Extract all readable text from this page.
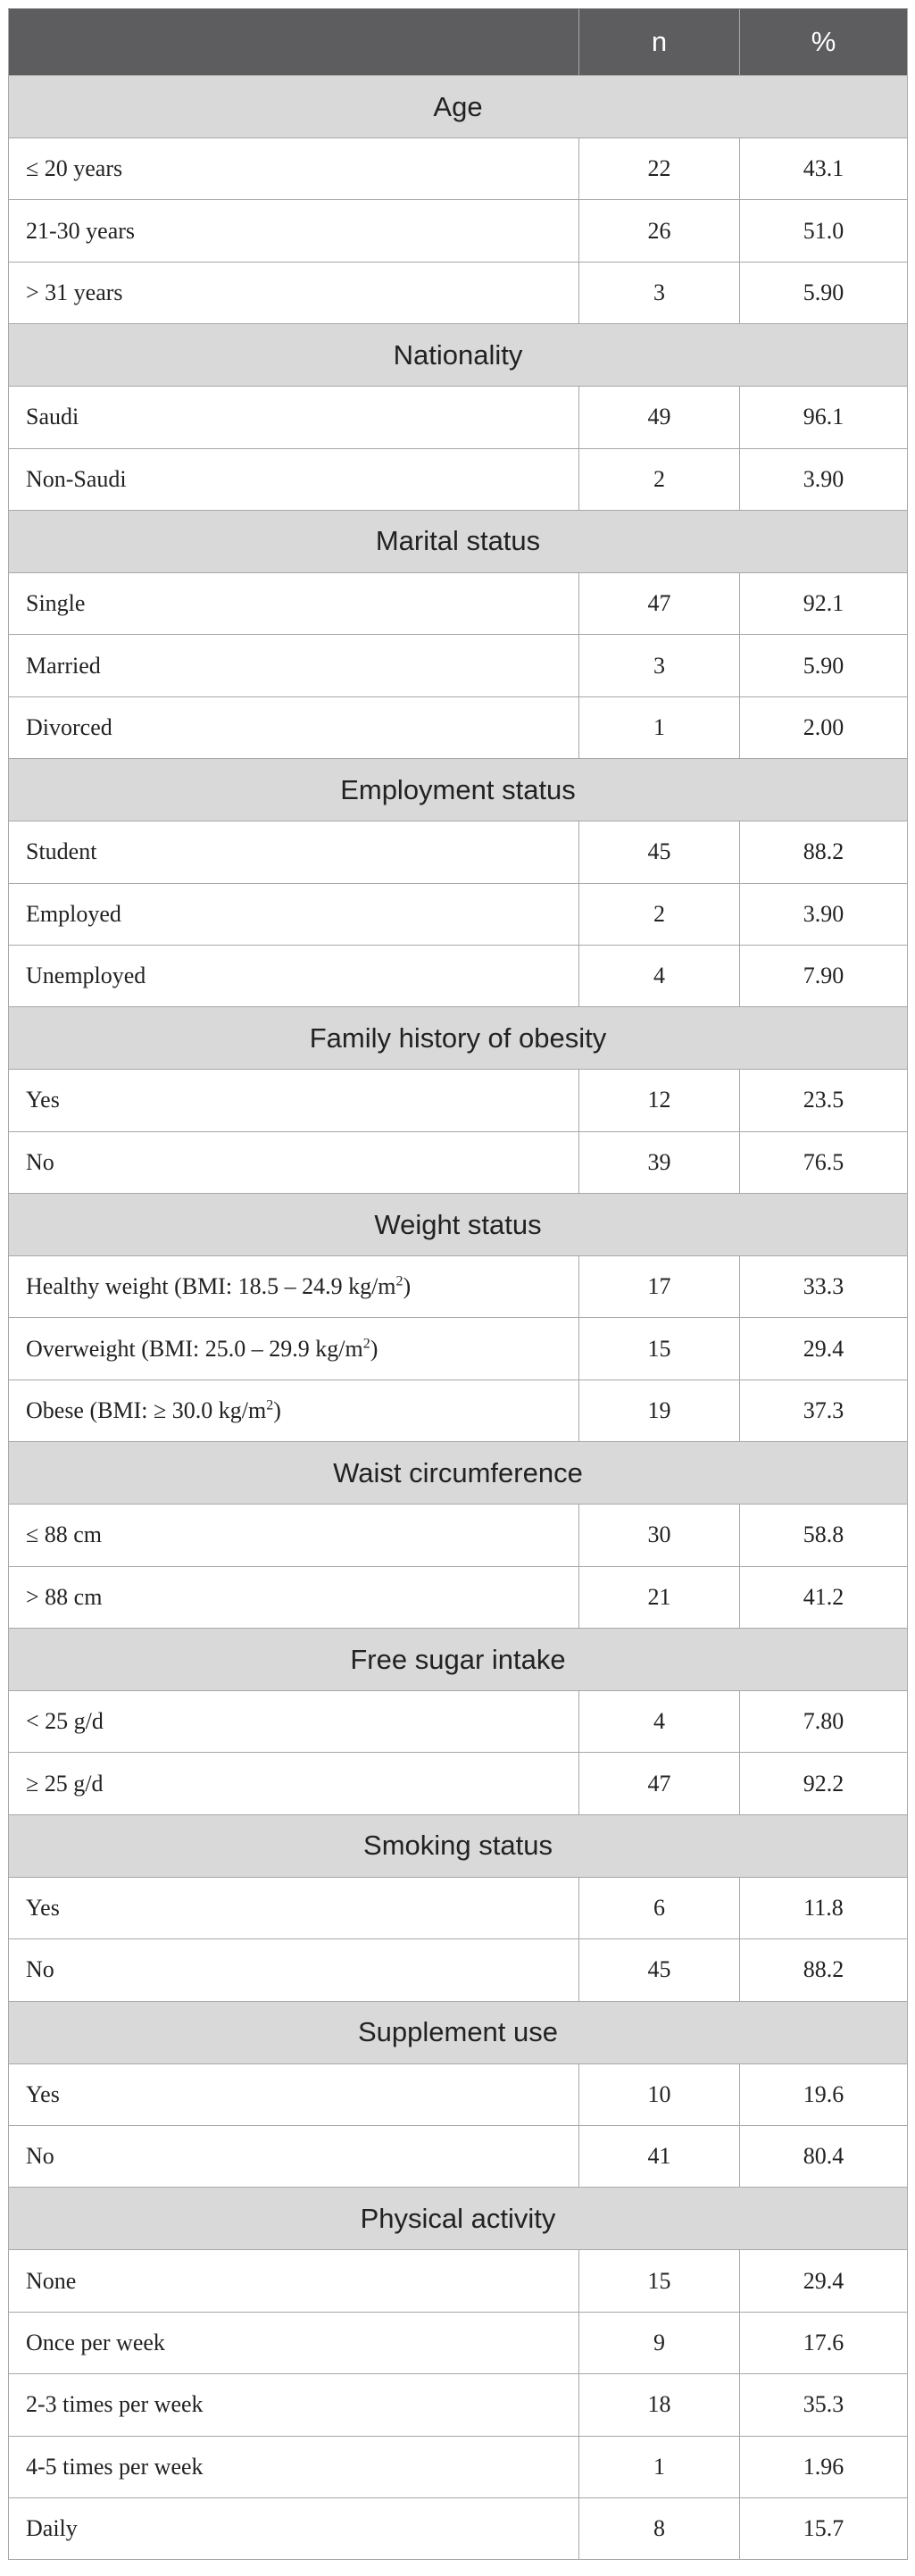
	n	%
Age		
≤ 20 years	22	43.1
21-30 years	26	51.0
> 31 years	3	5.90
Nationality		
Saudi	49	96.1
Non-Saudi	2	3.90
Marital status		
Single	47	92.1
Married	3	5.90
Divorced	1	2.00
Employment status		
Student	45	88.2
Employed	2	3.90
Unemployed	4	7.90
Family history of obesity		
Yes	12	23.5
No	39	76.5
Weight status		
Healthy weight (BMI: 18.5 – 24.9 $kg/m^2$)	17	33.3
Overweight (BMI: 25.0 – 29.9 $kg/m^2$)	15	29.4
Obese (BMI: ≥ 30.0 $kg/m^2$)	19	37.3
Waist circumference		
≤ 88 cm	30	58.8
> 88 cm	21	41.2
Free sugar intake		
< 25 g/d	4	7.80
≥ 25 g/d	47	92.2
Smoking status		
Yes	6	11.8
No	45	88.2
Supplement use		
Yes	10	19.6
No	41	80.4
Physical activity		
None	15	29.4
Once per week	9	17.6
2-3 times per week	18	35.3
4-5 times per week	1	1.96
Daily	8	15.7
